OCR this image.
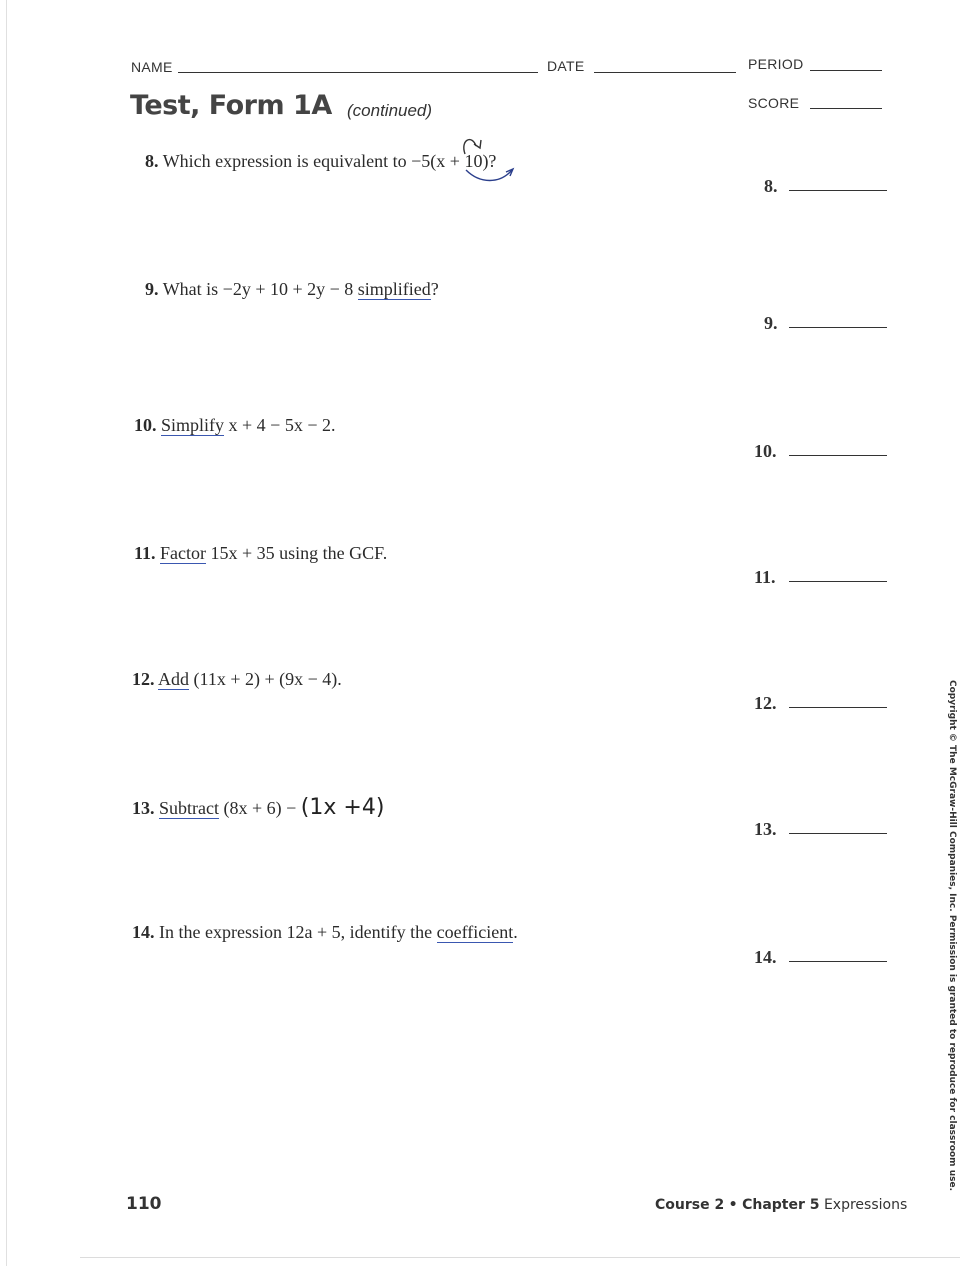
NAME	DATE	PERIOD
SCORE
Test, Form 1A (continued)
8. Which expression is equivalent to −5(x + 10)?
8.
9. What is −2y + 10 + 2y − 8 simplified?
9.
10. Simplify x + 4 − 5x − 2.
10.
11. Factor 15x + 35 using the GCF.
11.
12. Add (11x + 2) + (9x − 4).
12.
13. Subtract (8x + 6) − (1x +4)
13.
14. In the expression 12a + 5, identify the coefficient.
14.	Copyright © The McGraw-Hill Companies, Inc. Permission is granted to reproduce for classroom use.
110	Course 2 • Chapter 5 Expressions
